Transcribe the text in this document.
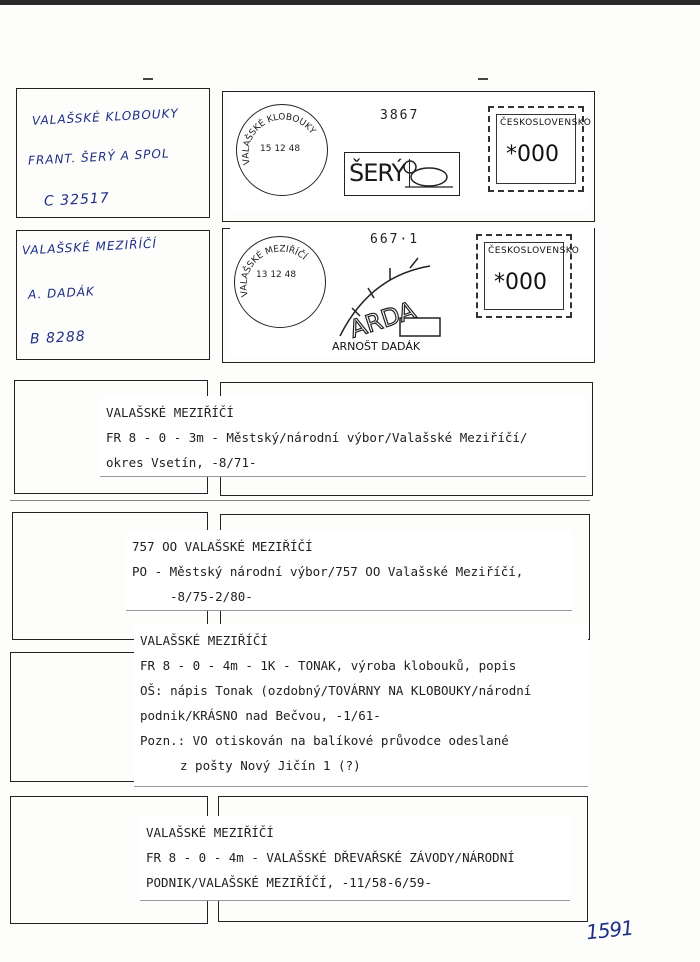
VALAŠSKÉ KLOBOUKY
FRANT. ŠERÝ A SPOL
C 32517
VALAŠSKÉ KLOBOUKY
15 12 48
3867
ŠERÝ
ČESKOSLOVENSKO
*000
VALAŠSKÉ MEZIŘÍČÍ
A. DADÁK
B 8288
VALAŠSKÉ MEZIŘÍČÍ
13 12 48
667·1
ARDA
ARNOŠT DADÁK
ČESKOSLOVENSKO
*000
VALAŠSKÉ MEZIŘÍČÍ
FR 8 - 0 - 3m - Městský/národní výbor/Valašské Meziříčí/
okres Vsetín, -8/71-
757 OO VALAŠSKÉ MEZIŘÍČÍ
PO - Městský národní výbor/757 OO Valašské Meziříčí,
-8/75-2/80-
VALAŠSKÉ MEZIŘÍČÍ
FR 8 - 0 - 4m - 1K - TONAK, výroba klobouků, popis
OŠ: nápis Tonak (ozdobný/TOVÁRNY NA KLOBOUKY/národní
podnik/KRÁSNO nad Bečvou, -1/61-
Pozn.: VO otiskován na balíkové průvodce odeslané
z pošty Nový Jičín 1 (?)
VALAŠSKÉ MEZIŘÍČÍ
FR 8 - 0 - 4m - VALAŠSKÉ DŘEVAŘSKÉ ZÁVODY/NÁRODNÍ
PODNIK/VALAŠSKÉ MEZIŘÍČÍ, -11/58-6/59-
1591
